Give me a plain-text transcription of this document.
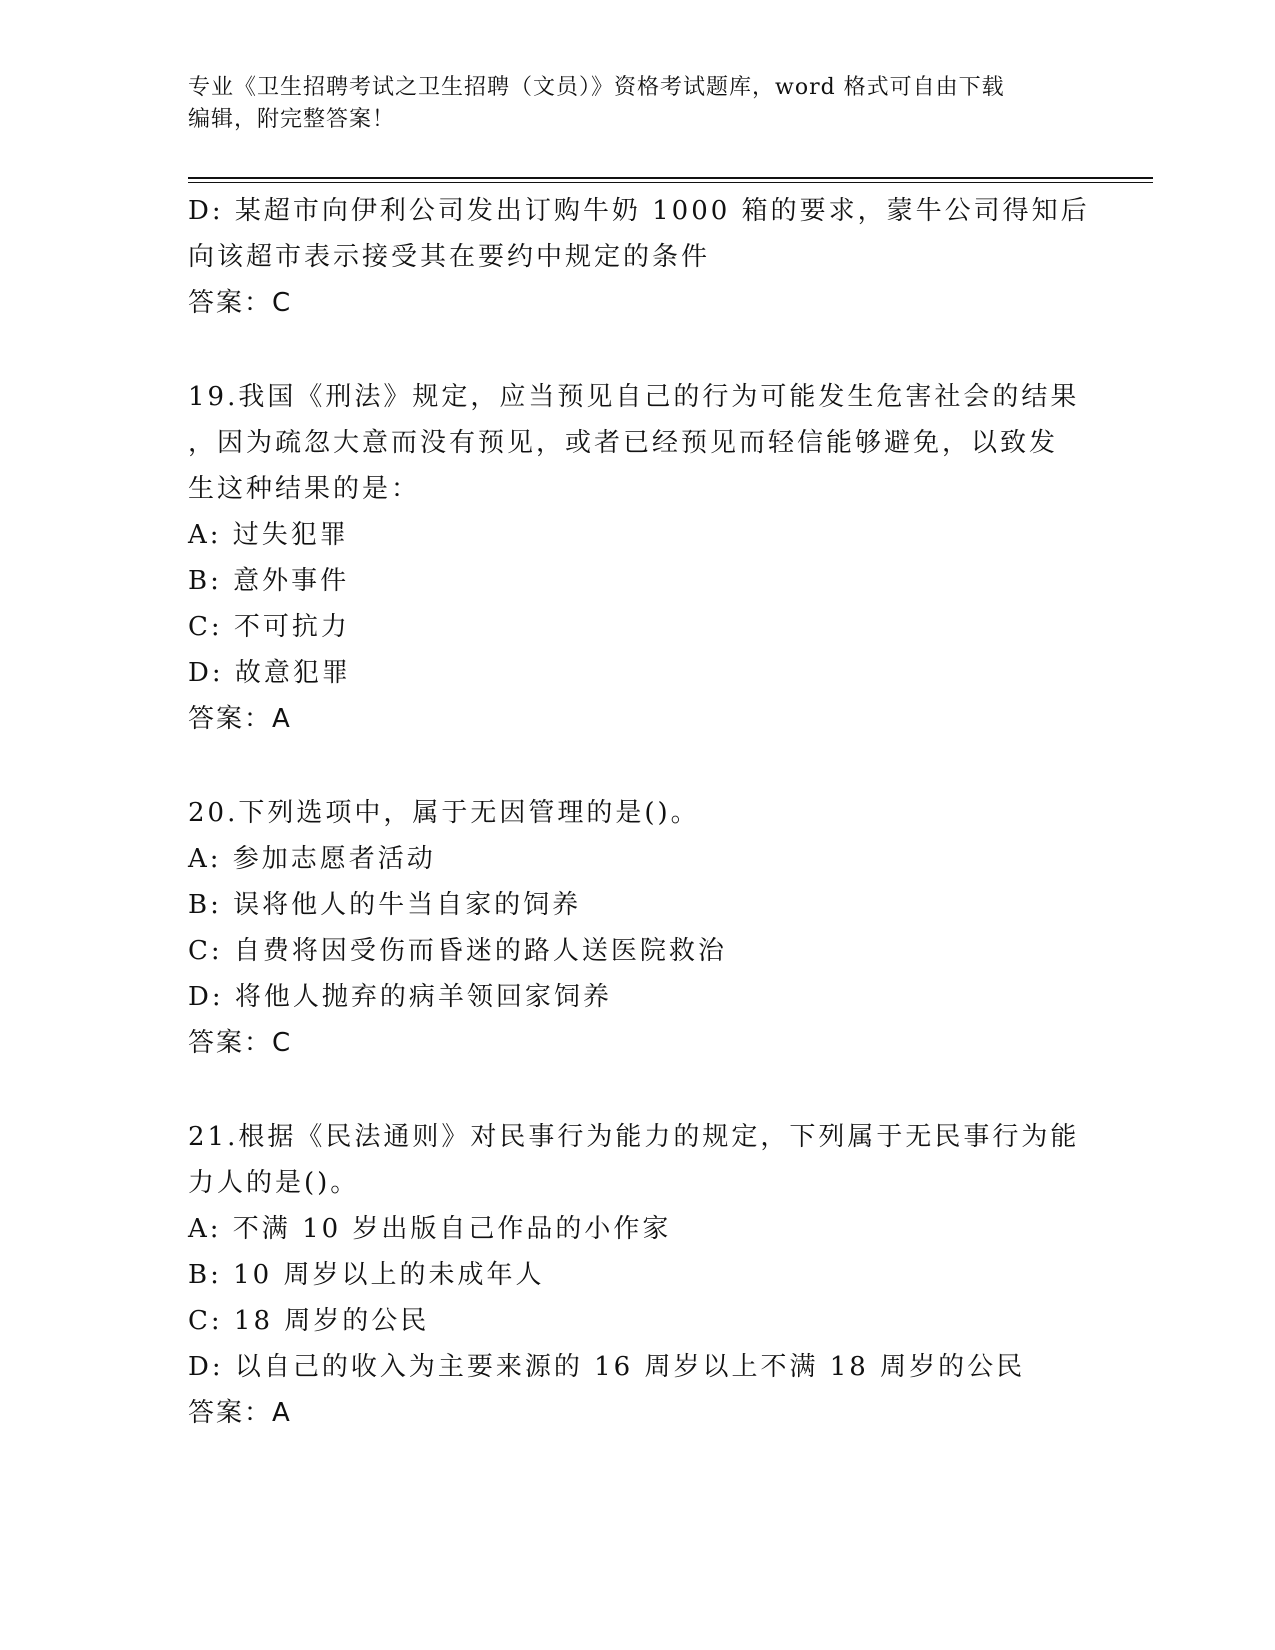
专业《卫生招聘考试之卫生招聘（文员）》资格考试题库，word 格式可自由下载
编辑，附完整答案！
D: 某超市向伊利公司发出订购牛奶 1000 箱的要求，蒙牛公司得知后
向该超市表示接受其在要约中规定的条件
答案：C
19.我国《刑法》规定，应当预见自己的行为可能发生危害社会的结果
，因为疏忽大意而没有预见，或者已经预见而轻信能够避免，以致发
生这种结果的是：
A: 过失犯罪
B: 意外事件
C: 不可抗力
D: 故意犯罪
答案：A
20.下列选项中，属于无因管理的是()。
A: 参加志愿者活动
B: 误将他人的牛当自家的饲养
C: 自费将因受伤而昏迷的路人送医院救治
D: 将他人抛弃的病羊领回家饲养
答案：C
21.根据《民法通则》对民事行为能力的规定，下列属于无民事行为能
力人的是()。
A: 不满 10 岁出版自己作品的小作家
B: 10 周岁以上的未成年人
C: 18 周岁的公民
D: 以自己的收入为主要来源的 16 周岁以上不满 18 周岁的公民
答案：A
